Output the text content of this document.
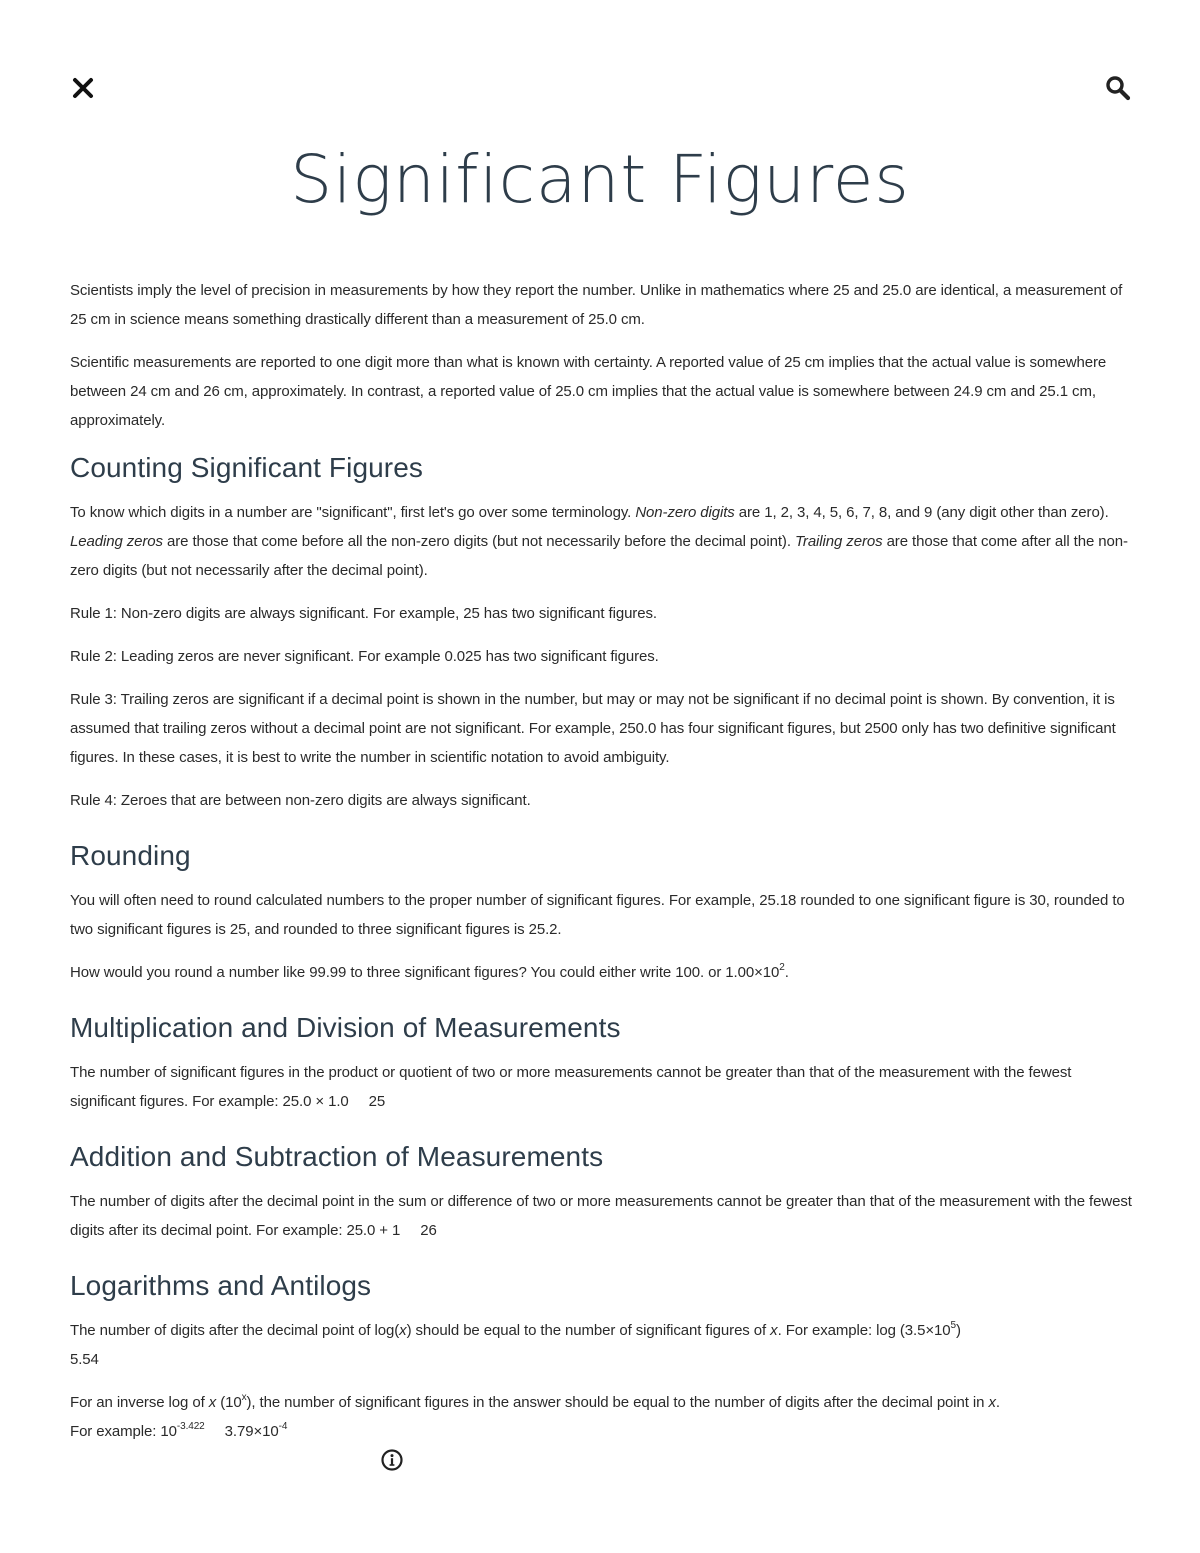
Significant Figures

Scientists imply the level of precision in measurements by how they report the number. Unlike in mathematics where 25 and 25.0 are identical, a measurement of 25 cm in science means something drastically different than a measurement of 25.0 cm.

Scientific measurements are reported to one digit more than what is known with certainty. A reported value of 25 cm implies that the actual value is somewhere between 24 cm and 26 cm, approximately. In contrast, a reported value of 25.0 cm implies that the actual value is somewhere between 24.9 cm and 25.1 cm, approximately.

Counting Significant Figures

To know which digits in a number are "significant", first let's go over some terminology. Non-zero digits are 1, 2, 3, 4, 5, 6, 7, 8, and 9 (any digit other than zero). Leading zeros are those that come before all the non-zero digits (but not necessarily before the decimal point). Trailing zeros are those that come after all the non-zero digits (but not necessarily after the decimal point).

Rule 1: Non-zero digits are always significant. For example, 25 has two significant figures.

Rule 2: Leading zeros are never significant. For example 0.025 has two significant figures.

Rule 3: Trailing zeros are significant if a decimal point is shown in the number, but may or may not be significant if no decimal point is shown. By convention, it is assumed that trailing zeros without a decimal point are not significant. For example, 250.0 has four significant figures, but 2500 only has two definitive significant figures. In these cases, it is best to write the number in scientific notation to avoid ambiguity.

Rule 4: Zeroes that are between non-zero digits are always significant.

Rounding

You will often need to round calculated numbers to the proper number of significant figures. For example, 25.18 rounded to one significant figure is 30, rounded to two significant figures is 25, and rounded to three significant figures is 25.2.

How would you round a number like 99.99 to three significant figures? You could either write 100. or $1.00\times 10^2$.

Multiplication and Division of Measurements

The number of significant figures in the product or quotient of two or more measurements cannot be greater than that of the measurement with the fewest significant figures. For example: 25.0 × 1.0 25

Addition and Subtraction of Measurements

The number of digits after the decimal point in the sum or difference of two or more measurements cannot be greater than that of the measurement with the fewest digits after its decimal point. For example: 25.0 + 1 26

Logarithms and Antilogs

The number of digits after the decimal point of log(x) should be equal to the number of significant figures of x. For example: $\log (3.5\times 10^5)$
5.54

For an inverse log of x (10$^x$), the number of significant figures in the answer should be equal to the number of digits after the decimal point in x.
For example: $10^{-3.422}$ $3.79\times 10^{-4}$
